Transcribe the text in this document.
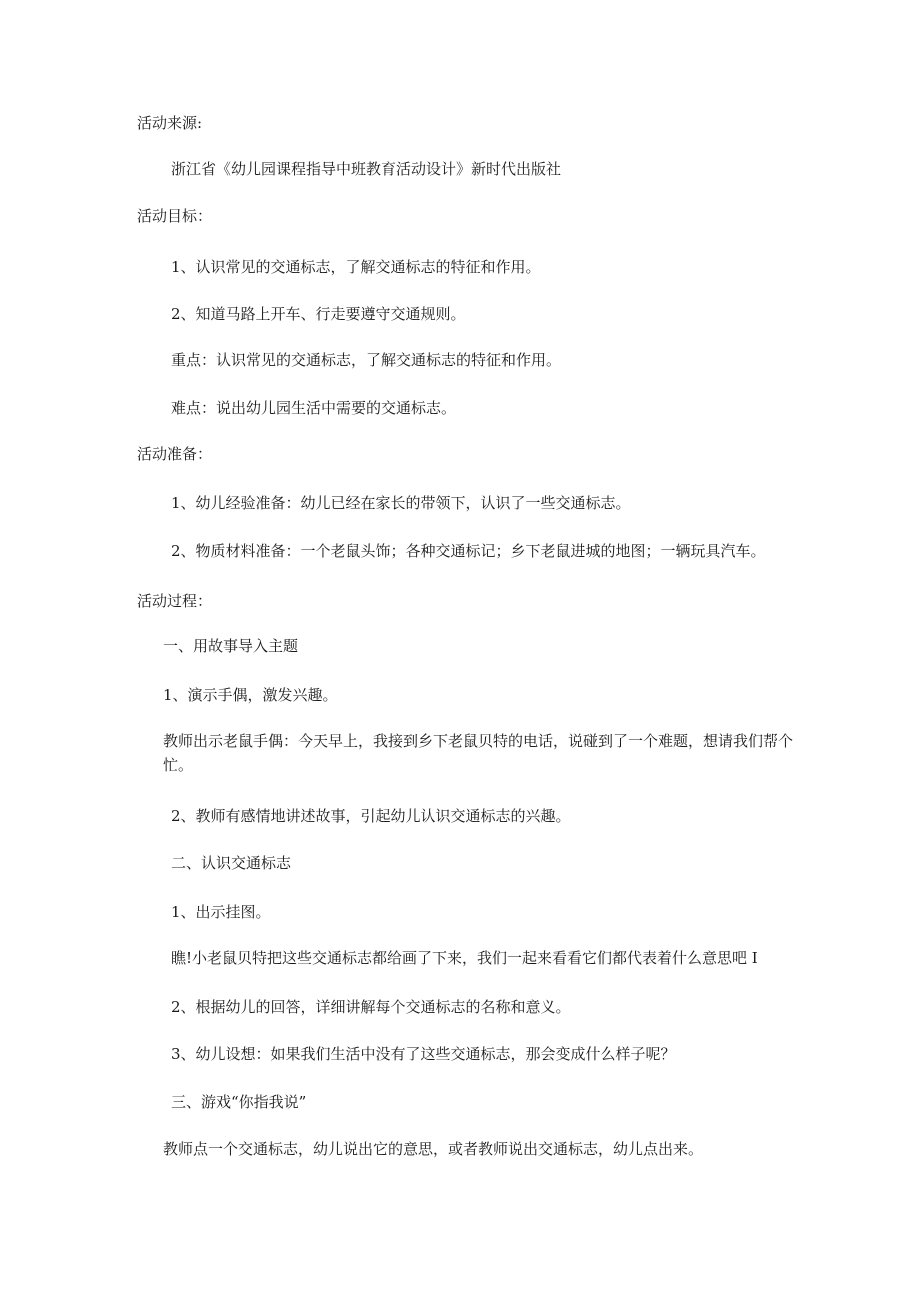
活动来源:
浙江省《幼儿园课程指导中班教育活动设计》新时代出版社
活动目标：
1、认识常见的交通标志，了解交通标志的特征和作用。
2、知道马路上开车、行走要遵守交通规则。
重点：认识常见的交通标志，了解交通标志的特征和作用。
难点：说出幼儿园生活中需要的交通标志。
活动准备：
1、幼儿经验准备：幼儿已经在家长的带领下，认识了一些交通标志。
2、物质材料准备：一个老鼠头饰；各种交通标记；乡下老鼠进城的地图；一辆玩具汽车。
活动过程：
一、用故事导入主题
1、演示手偶，激发兴趣。
教师出示老鼠手偶：今天早上，我接到乡下老鼠贝特的电话，说碰到了一个难题，想请我们帮个忙。
2、教师有感情地讲述故事，引起幼儿认识交通标志的兴趣。
二、认识交通标志
1、出示挂图。
瞧!小老鼠贝特把这些交通标志都给画了下来，我们一起来看看它们都代表着什么意思吧 I
2、根据幼儿的回答，详细讲解每个交通标志的名称和意义。
3、幼儿设想：如果我们生活中没有了这些交通标志，那会变成什么样子呢？
三、游戏“你指我说”
教师点一个交通标志，幼儿说出它的意思，或者教师说出交通标志，幼儿点出来。
